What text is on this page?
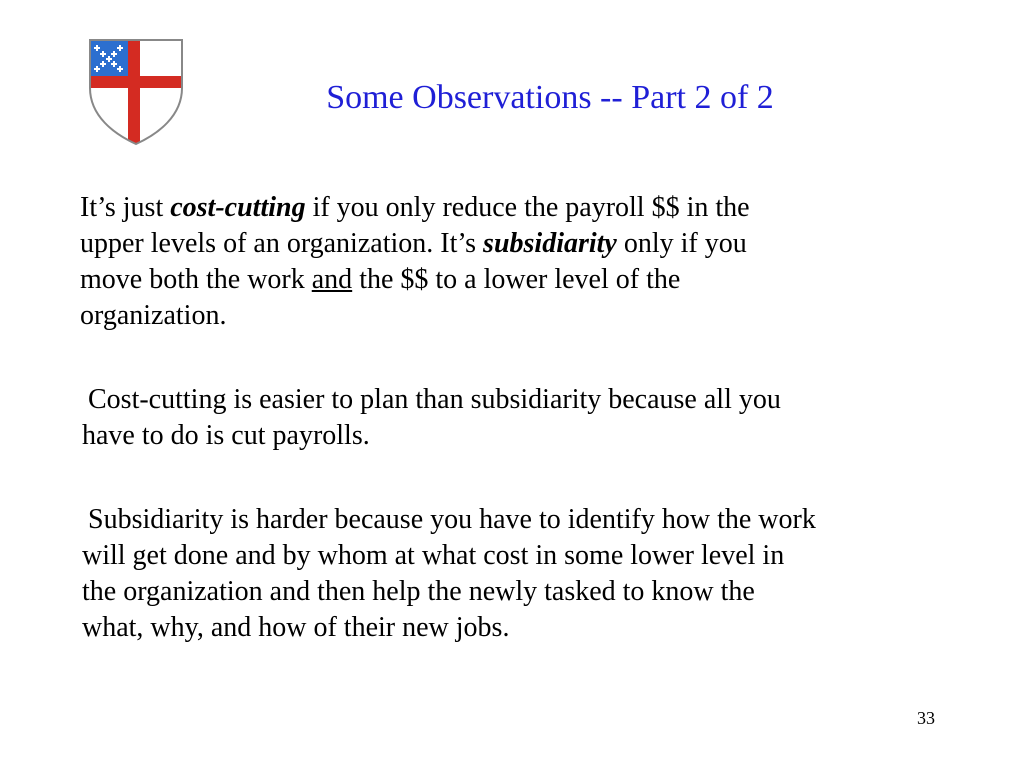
Some Observations -- Part 2 of 2

It’s just cost-cutting if you only reduce the payroll $$ in the
upper levels of an organization. It’s subsidiarity only if you
move both the work and the $$ to a lower level of the
organization.

Cost-cutting is easier to plan than subsidiarity because all you
have to do is cut payrolls.

Subsidiarity is harder because you have to identify how the work
will get done and by whom at what cost in some lower level in
the organization and then help the newly tasked to know the
what, why, and how of their new jobs.

33
